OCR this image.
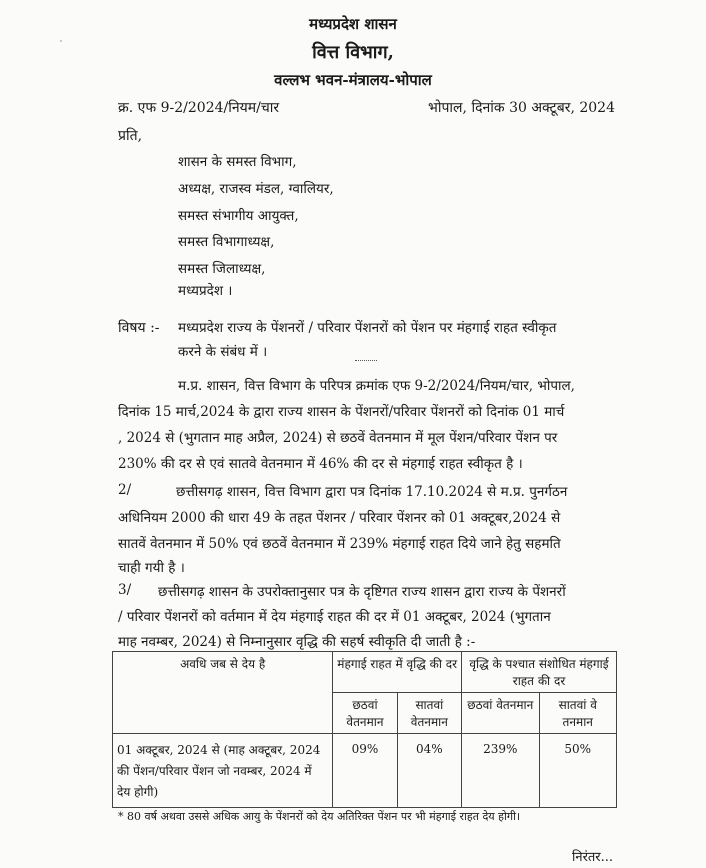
मध्यप्रदेश शासन
वित्त विभाग,
वल्लभ भवन-मंत्रालय-भोपाल
क्र. एफ 9-2/2024/नियम/चार	भोपाल, दिनांक 30 अक्टूबर, 2024
प्रति,
शासन के समस्त विभाग,
अध्यक्ष, राजस्व मंडल, ग्वालियर,
समस्त संभागीय आयुक्त,
समस्त विभागाध्यक्ष,
समस्त जिलाध्यक्ष,
मध्यप्रदेश ।
विषय :- मध्यप्रदेश राज्य के पेंशनरों / परिवार पेंशनरों को पेंशन पर मंहगाई राहत स्वीकृत
करने के संबंध में ।
म.प्र. शासन, वित्त विभाग के परिपत्र क्रमांक एफ 9-2/2024/नियम/चार, भोपाल,
दिनांक 15 मार्च,2024 के द्वारा राज्य शासन के पेंशनरों/परिवार पेंशनरों को दिनांक 01 मार्च
, 2024 से (भुगतान माह अप्रैल, 2024) से छठवें वेतनमान में मूल पेंशन/परिवार पेंशन पर
230% की दर से एवं सातवे वेतनमान में 46% की दर से मंहगाई राहत स्वीकृत है ।
2/	छत्तीसगढ़ शासन, वित्त विभाग द्वारा पत्र दिनांक 17.10.2024 से म.प्र. पुनर्गठन
अधिनियम 2000 की धारा 49 के तहत पेंशनर / परिवार पेंशनर को 01 अक्टूबर,2024 से
सातवें वेतनमान में 50% एवं छठवें वेतनमान में 239% मंहगाई राहत दिये जाने हेतु सहमति
चाही गयी है ।
3/ छत्तीसगढ़ शासन के उपरोक्तानुसार पत्र के दृष्टिगत राज्य शासन द्वारा राज्य के पेंशनरों
/ परिवार पेंशनरों को वर्तमान में देय मंहगाई राहत की दर में 01 अक्टूबर, 2024 (भुगतान
माह नवम्बर, 2024) से निम्नानुसार वृद्धि की सहर्ष स्वीकृति दी जाती है :-
अवधि जब से देय है	मंहगाई राहत में वृद्धि की दर		वृद्धि के पश्चात संशोधित मंहगाई राहत की दर	
	छठवां वेतनमान	सातवां वेतनमान	छठवां वेतनमान	सातवां वे तनमान
01 अक्टूबर, 2024 से (माह अक्टूबर, 2024 की पेंशन/परिवार पेंशन जो नवम्बर, 2024 में देय होगी)	09%	04%	239%	50%
* 80 वर्ष अथवा उससे अधिक आयु के पेंशनरों को देय अतिरिक्त पेंशन पर भी मंहगाई राहत देय होगी।
निरंतर...
